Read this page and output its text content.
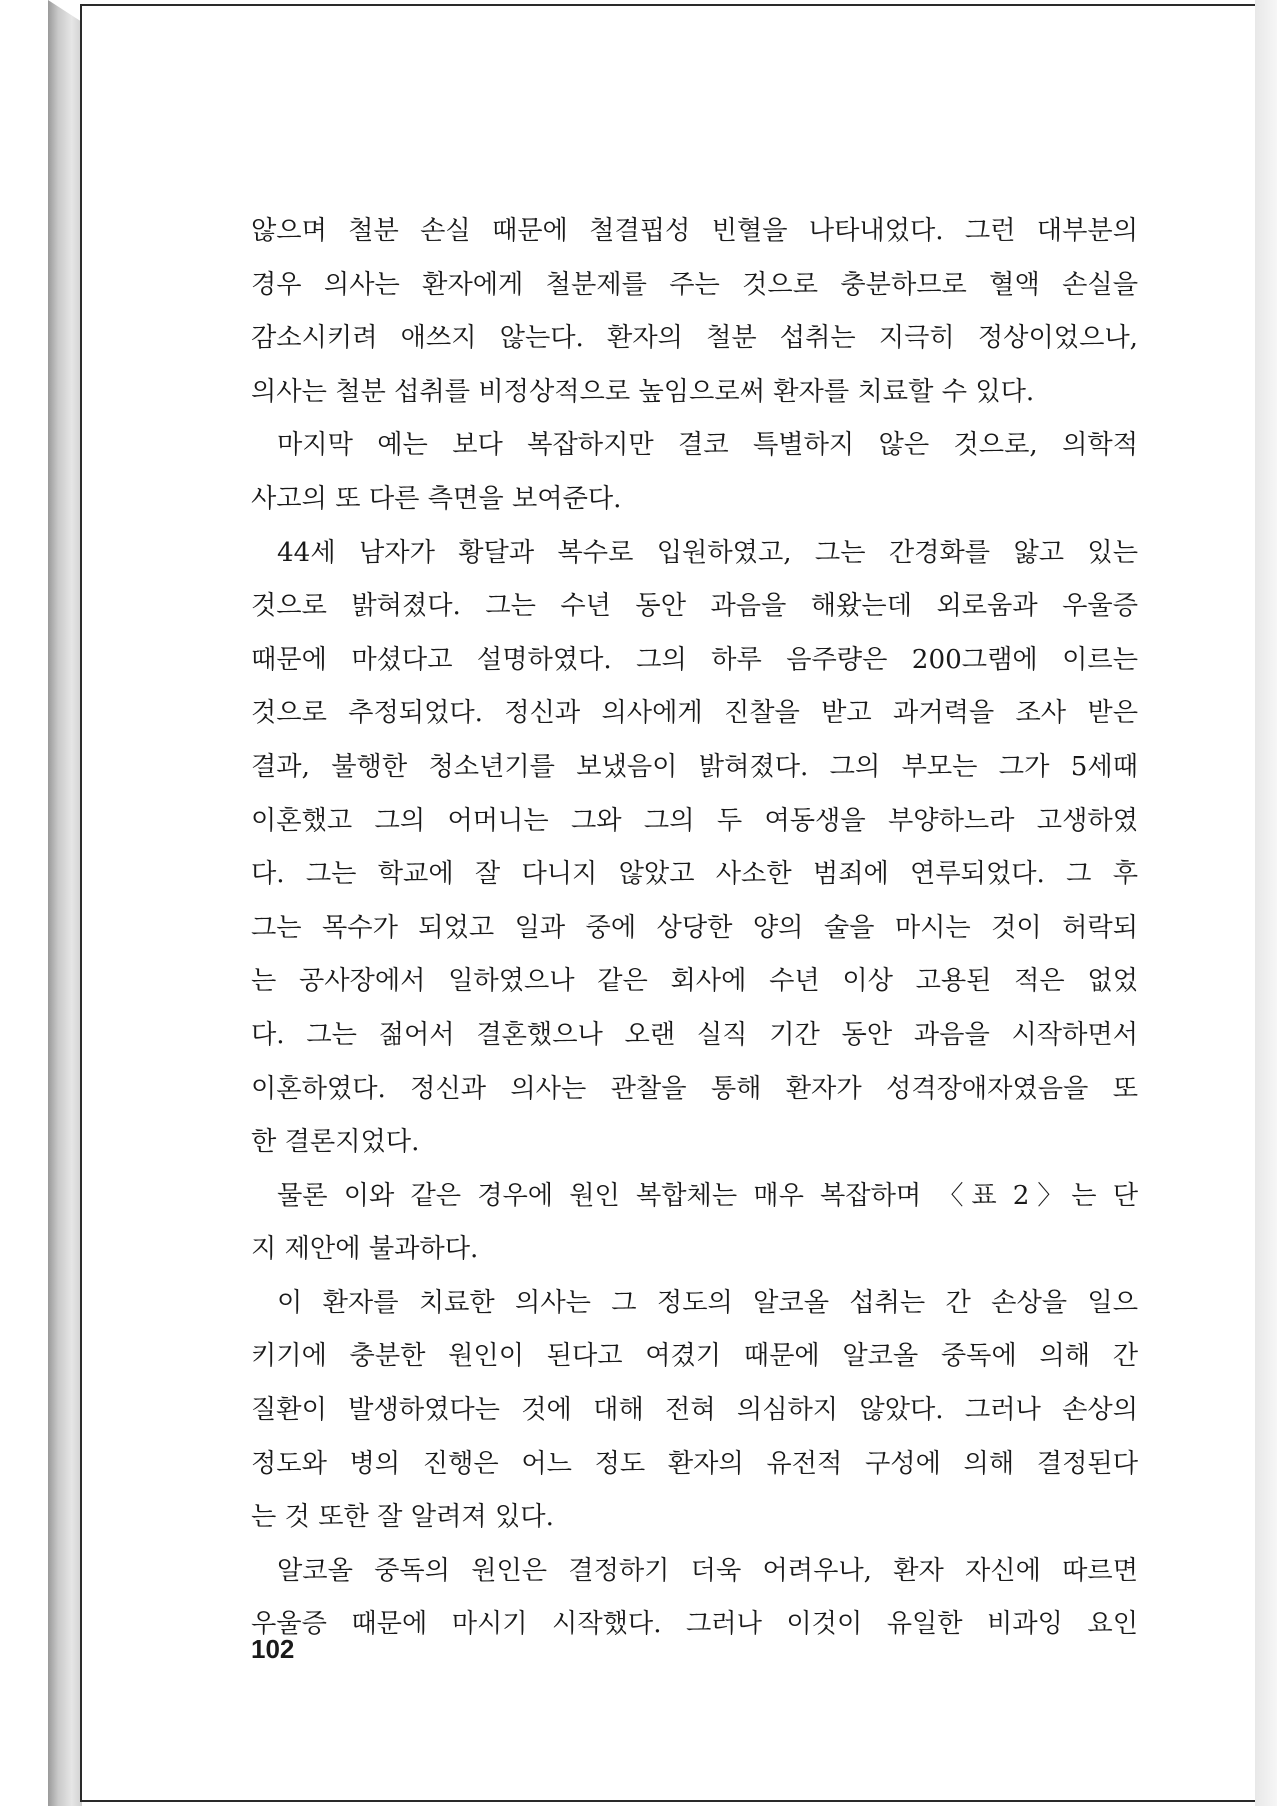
않으며 철분 손실 때문에 철결핍성 빈혈을 나타내었다. 그런 대부분의
경우 의사는 환자에게 철분제를 주는 것으로 충분하므로 혈액 손실을
감소시키려 애쓰지 않는다. 환자의 철분 섭취는 지극히 정상이었으나,
의사는 철분 섭취를 비정상적으로 높임으로써 환자를 치료할 수 있다.
마지막 예는 보다 복잡하지만 결코 특별하지 않은 것으로, 의학적
사고의 또 다른 측면을 보여준다.
44세 남자가 황달과 복수로 입원하였고, 그는 간경화를 앓고 있는
것으로 밝혀졌다. 그는 수년 동안 과음을 해왔는데 외로움과 우울증
때문에 마셨다고 설명하였다. 그의 하루 음주량은 200그램에 이르는
것으로 추정되었다. 정신과 의사에게 진찰을 받고 과거력을 조사 받은
결과, 불행한 청소년기를 보냈음이 밝혀졌다. 그의 부모는 그가 5세때
이혼했고 그의 어머니는 그와 그의 두 여동생을 부양하느라 고생하였
다. 그는 학교에 잘 다니지 않았고 사소한 범죄에 연루되었다. 그 후
그는 목수가 되었고 일과 중에 상당한 양의 술을 마시는 것이 허락되
는 공사장에서 일하였으나 같은 회사에 수년 이상 고용된 적은 없었
다. 그는 젊어서 결혼했으나 오랜 실직 기간 동안 과음을 시작하면서
이혼하였다. 정신과 의사는 관찰을 통해 환자가 성격장애자였음을 또
한 결론지었다.
물론 이와 같은 경우에 원인 복합체는 매우 복잡하며 〈표 2〉는 단
지 제안에 불과하다.
이 환자를 치료한 의사는 그 정도의 알코올 섭취는 간 손상을 일으
키기에 충분한 원인이 된다고 여겼기 때문에 알코올 중독에 의해 간
질환이 발생하였다는 것에 대해 전혀 의심하지 않았다. 그러나 손상의
정도와 병의 진행은 어느 정도 환자의 유전적 구성에 의해 결정된다
는 것 또한 잘 알려져 있다.
알코올 중독의 원인은 결정하기 더욱 어려우나, 환자 자신에 따르면
우울증 때문에 마시기 시작했다. 그러나 이것이 유일한 비과잉 요인
102
